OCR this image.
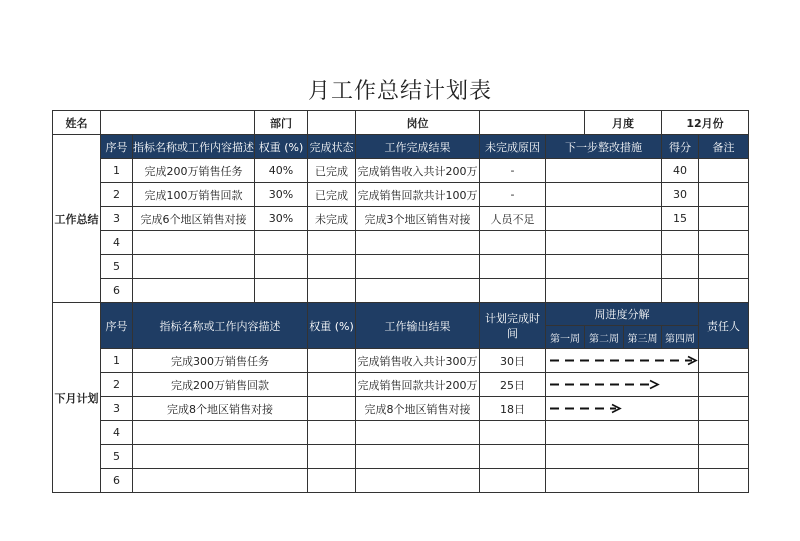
月工作总结计划表
姓名			部门		岗位			月度		12月份	
工作总结	序号	指标名称或工作内容描述	权重 (%)	完成状态	工作完成结果	未完成原因	下一步整改措施			得分	备注
	1	完成200万销售任务	40%	已完成	完成销售收入共计200万	-				40	
	2	完成100万销售回款	30%	已完成	完成销售回款共计100万	-				30	
	3	完成6个地区销售对接	30%	未完成	完成3个地区销售对接	人员不足				15	
	4										
	5										
	6										
下月计划	序号	指标名称或工作内容描述		权重 (%)	工作输出结果	计划完成时间	周进度分解				责任人
							第一周	第二周	第三周	第四周	
	1	完成300万销售任务			完成销售收入共计300万	30日	

	2	完成200万销售回款			完成销售回款共计200万	25日	

	3	完成8个地区销售对接			完成8个地区销售对接	18日	

	4										
	5										
	6										
